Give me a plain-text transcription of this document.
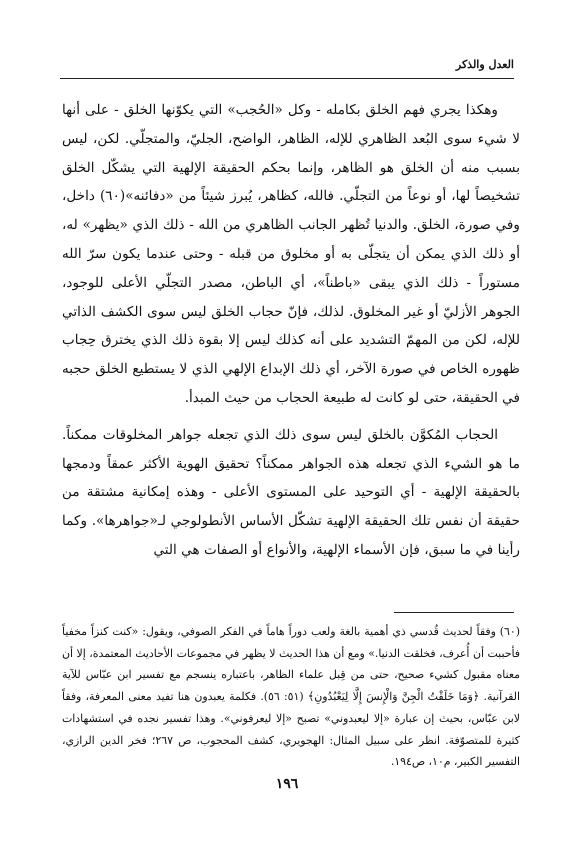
العدل والذكر

وهكذا يجري فهم الخلق بكامله - وكل «الحُجب» التي يكوّنها الخلق - على أنها لا شيء سوى البُعد الظاهري للإله، الظاهر، الواضح، الجليّ، والمتجلّي. لكن، ليس بسبب منه أن الخلق هو الظاهر، وإنما بحكم الحقيقة الإلهية التي يشكّل الخلق تشخيصاً لها، أو نوعاً من التجلّي. فالله، كظاهر، يُبرز شيئاً من «دفائنه»(٦٠) داخل، وفي صورة، الخلق. والدنيا تُظهر الجانب الظاهري من الله - ذلك الذي «يظهر» له، أو ذلك الذي يمكن أن يتجلّى به أو مخلوق من قبله - وحتى عندما يكون سرّ الله مستوراً - ذلك الذي يبقى «باطناً»، أي الباطن، مصدر التجلّي الأعلى للوجود، الجوهر الأزليّ أو غير المخلوق. لذلك، فإنّ حجاب الخلق ليس سوى الكشف الذاتي للإله، لكن من المهمّ التشديد على أنه كذلك ليس إلا بقوة ذلك الذي يخترق حِجاب ظهوره الخاص في صورة الآخر، أي ذلك الإبداع الإلهي الذي لا يستطيع الخلق حجبه في الحقيقة، حتى لو كانت له طبيعة الحجاب من حيث المبدأ.

الحجاب المُكوَّن بالخلق ليس سوى ذلك الذي تجعله جواهر المخلوقات ممكناً. ما هو الشيء الذي تجعله هذه الجواهر ممكناً؟ تحقيق الهوية الأكثر عمقاً ودمجها بالحقيقة الإلهية - أي التوحيد على المستوى الأعلى - وهذه إمكانية مشتقة من حقيقة أن نفس تلك الحقيقة الإلهية تشكّل الأساس الأنطولوجي لـ«جواهرها». وكما رأينا في ما سبق، فإن الأسماء الإلهية، والأنواع أو الصفات هي التي

(٦٠) وفقاً لحديث قُدسي ذي أهمية بالغة ولعب دوراً هاماً في الفكر الصوفي، ويقول: «كنت كنزاً مخفياً فأحببت أن أُعرف، فخلقت الدنيا.» ومع أن هذا الحديث لا يظهر في مجموعات الأحاديث المعتمدة، إلا أن معناه مقبول كشيء صحيح، حتى من قِبل علماء الظاهر، باعتباره ينسجم مع تفسير ابن عبّاس للآية القرآنية. ﴿وَمَا خَلَقْتُ الْجِنَّ وَالْإِنسَ إِلَّا لِيَعْبُدُونِ﴾ (٥١: ٥٦). فكلمة يعبدون هنا تفيد معنى المعرفة، وفقاً لابن عبّاس، بحيث إن عبارة «إلا ليعبدوني» تصبح «إلا ليعرفوني». وهذا تفسير نجده في استشهادات كثيرة للمتصوّفة. انظر على سبيل المثال: الهجويري، كشف المحجوب، ص ٢٦٧؛ فخر الدين الرازي، التفسير الكبير، م١٠، ص١٩٤.

١٩٦
